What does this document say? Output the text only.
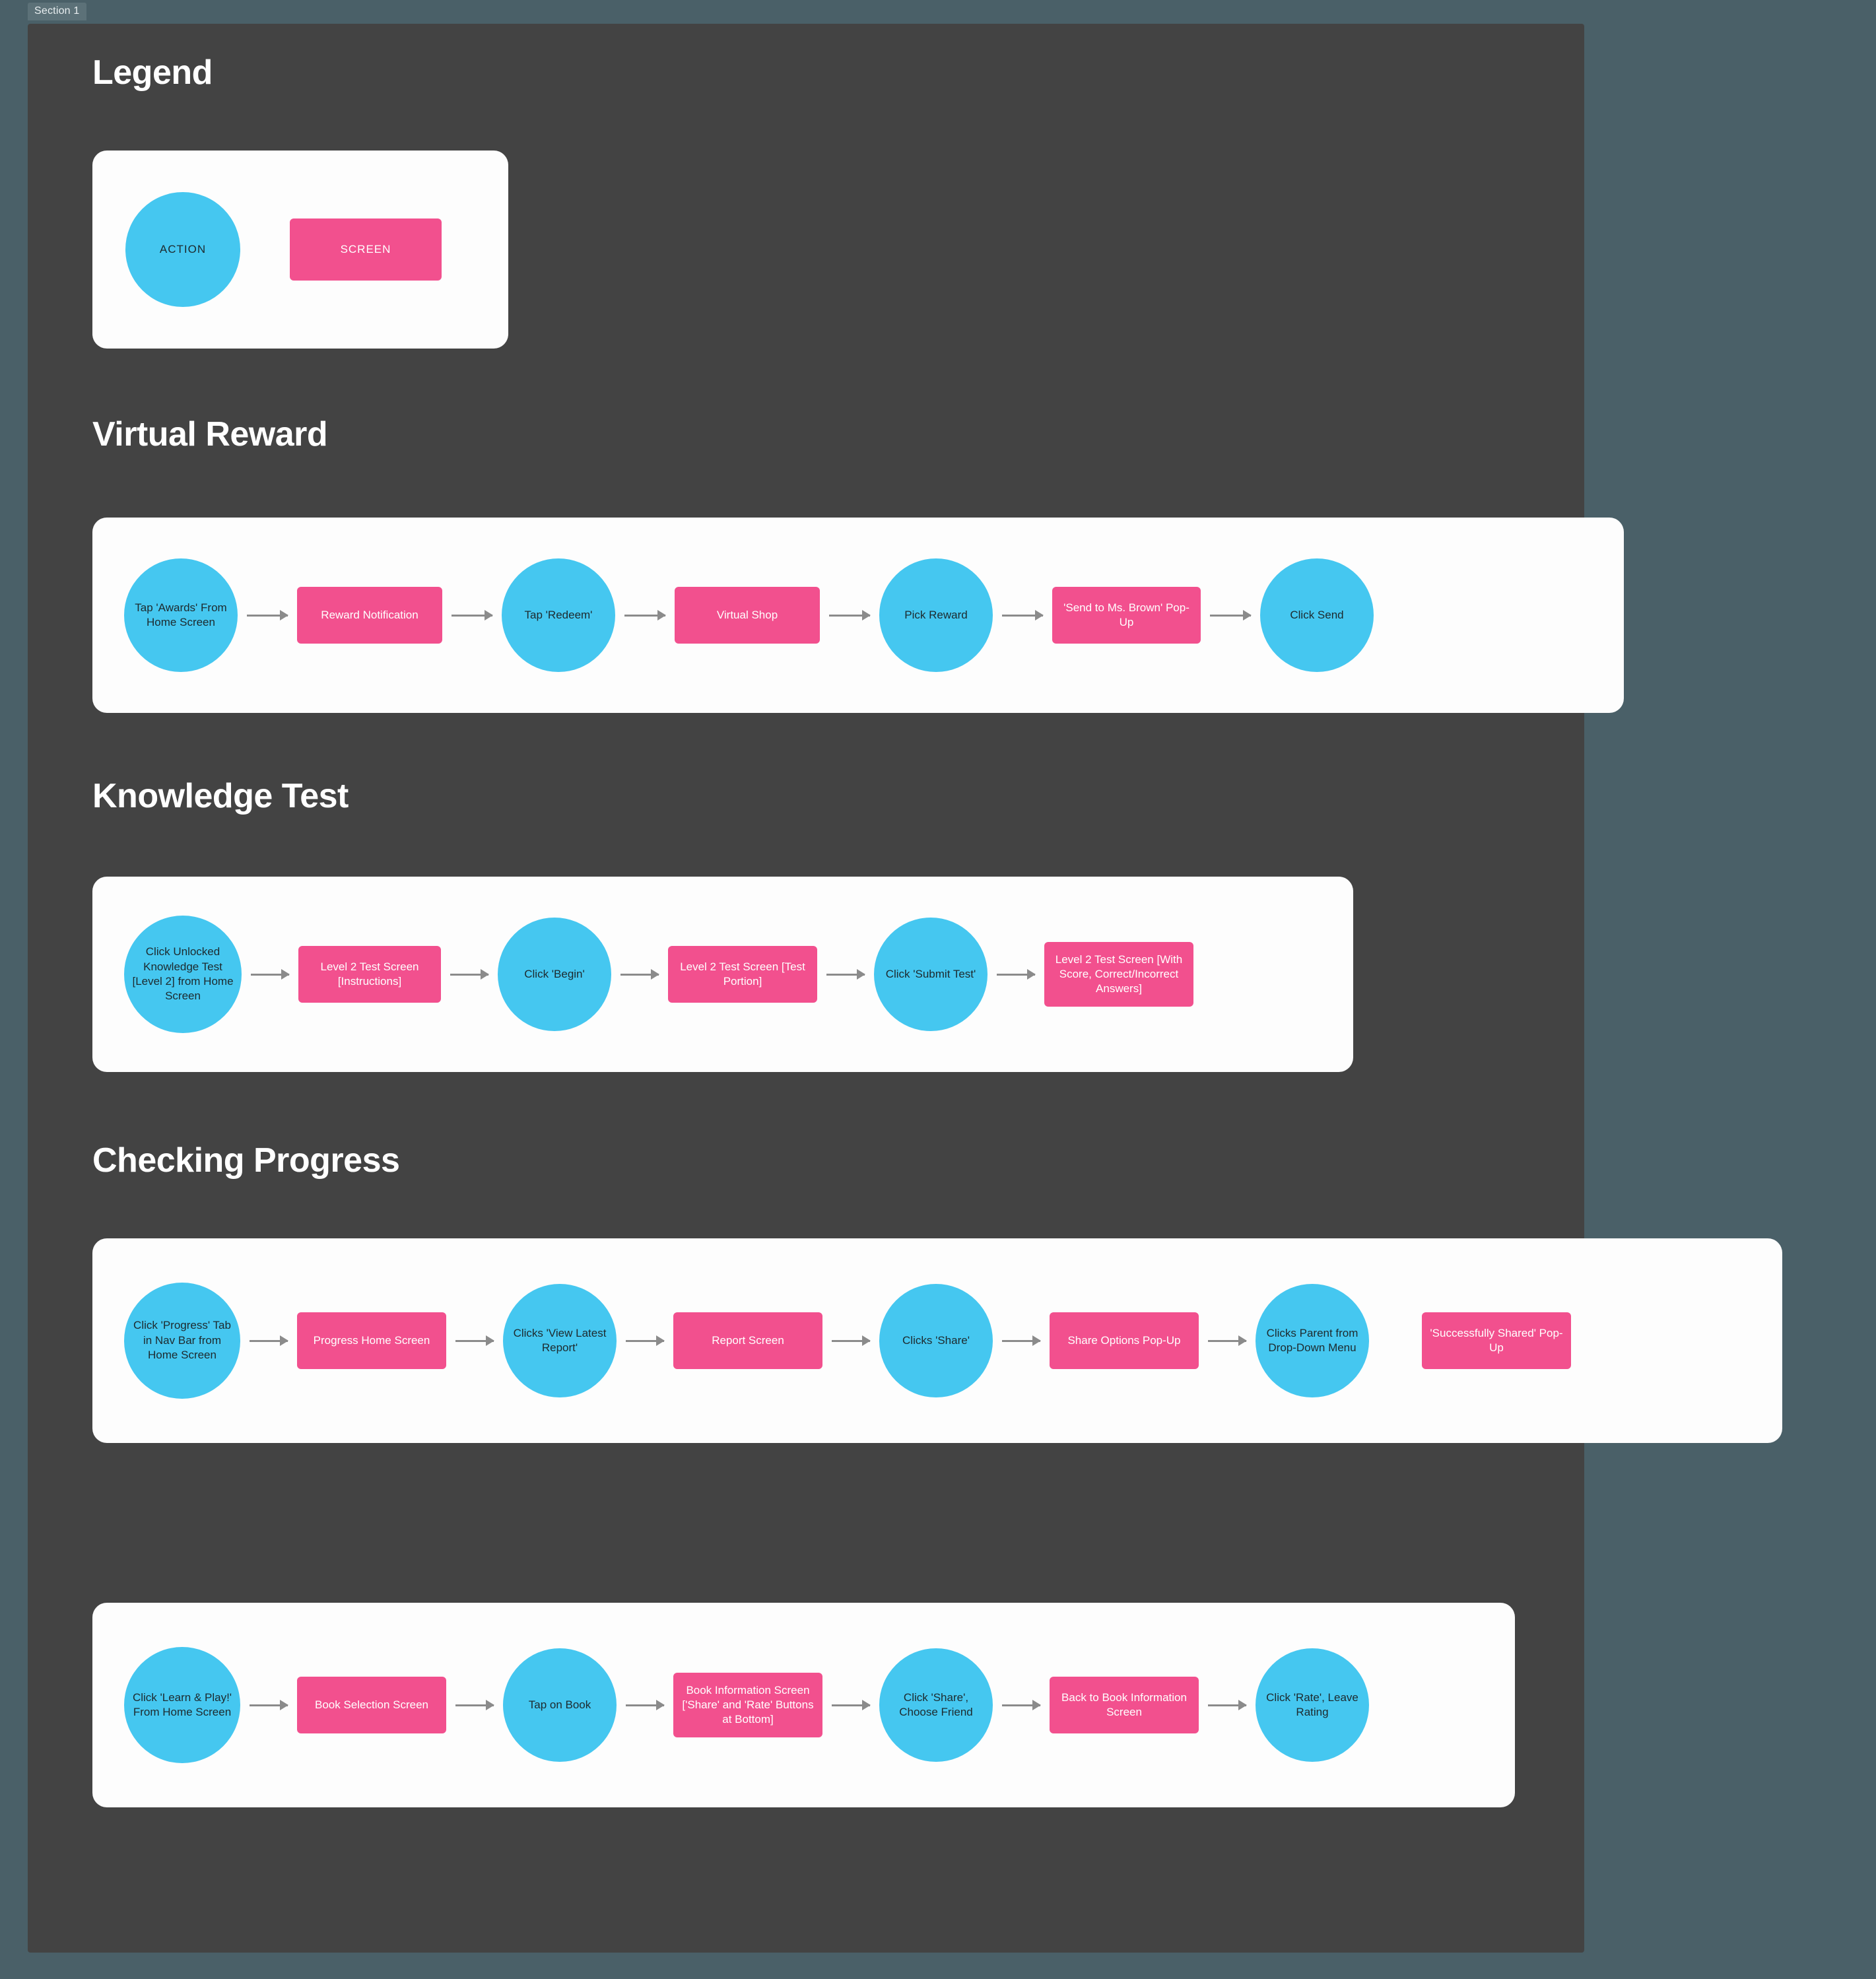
Section 1
Legend
ACTION	SCREEN
Virtual Reward
Tap 'Awards' From Home Screen
Reward Notification	Tap 'Redeem'	Virtual Shop	Pick Reward
'Send to Ms. Brown' Pop-Up
Click Send
Knowledge Test
Click Unlocked Knowledge Test [Level 2] from Home Screen
Level 2 Test Screen [Instructions]
Click 'Begin'
Level 2 Test Screen [Test Portion]
Click 'Submit Test'
Level 2 Test Screen [With Score, Correct/Incorrect Answers]
Checking Progress
Click 'Progress' Tab in Nav Bar from Home Screen
Progress Home Screen
Clicks 'View Latest Report'
Report Screen	Clicks 'Share'	Share Options Pop-Up
Clicks Parent from Drop-Down Menu
'Successfully Shared' Pop-Up
Click 'Learn & Play!' From Home Screen
Book Selection Screen	Tap on Book
Book Information Screen ['Share' and 'Rate' Buttons at Bottom]
Click 'Share', Choose Friend
Back to Book Information Screen
Click 'Rate', Leave Rating
